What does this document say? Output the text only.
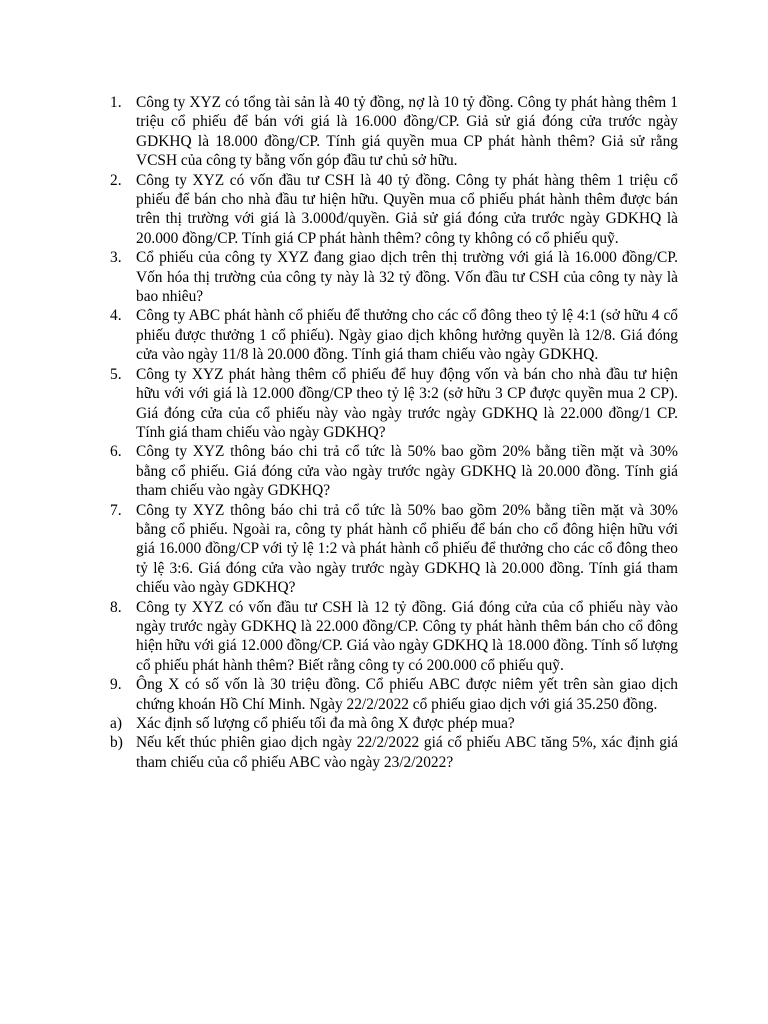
1. Công ty XYZ có tổng tài sản là 40 tỷ đồng, nợ là 10 tỷ đồng. Công ty phát hàng thêm 1 triệu cổ phiếu để bán với giá là 16.000 đồng/CP. Giả sử giá đóng cửa trước ngày GDKHQ là 18.000 đồng/CP. Tính giá quyền mua CP phát hành thêm? Giả sử rằng VCSH của công ty bằng vốn góp đầu tư chủ sở hữu.
2. Công ty XYZ có vốn đầu tư CSH là 40 tỷ đồng. Công ty phát hàng thêm 1 triệu cổ phiếu để bán cho nhà đầu tư hiện hữu. Quyền mua cổ phiếu phát hành thêm được bán trên thị trường với giá là 3.000đ/quyền. Giả sử giá đóng cửa trước ngày GDKHQ là 20.000 đồng/CP. Tính giá CP phát hành thêm? công ty không có cổ phiếu quỹ.
3. Cổ phiếu của công ty XYZ đang giao dịch trên thị trường với giá là 16.000 đồng/CP. Vốn hóa thị trường của công ty này là 32 tỷ đồng. Vốn đầu tư CSH của công ty này là bao nhiêu?
4. Công ty ABC phát hành cổ phiếu để thưởng cho các cổ đông theo tỷ lệ 4:1 (sở hữu 4 cổ phiếu được thưởng 1 cổ phiếu). Ngày giao dịch không hưởng quyền là 12/8. Giá đóng cửa vào ngày 11/8 là 20.000 đồng. Tính giá tham chiếu vào ngày GDKHQ.
5. Công ty XYZ phát hàng thêm cổ phiếu để huy động vốn và bán cho nhà đầu tư hiện hữu với với giá là 12.000 đồng/CP theo tỷ lệ 3:2 (sở hữu 3 CP được quyền mua 2 CP). Giá đóng cửa của cổ phiếu này vào ngày trước ngày GDKHQ là 22.000 đồng/1 CP. Tính giá tham chiếu vào ngày GDKHQ?
6. Công ty XYZ thông báo chi trả cổ tức là 50% bao gồm 20% bằng tiền mặt và 30% bằng cổ phiếu. Giá đóng cửa vào ngày trước ngày GDKHQ là 20.000 đồng. Tính giá tham chiếu vào ngày GDKHQ?
7. Công ty XYZ thông báo chi trả cổ tức là 50% bao gồm 20% bằng tiền mặt và 30% bằng cổ phiếu. Ngoài ra, công ty phát hành cổ phiếu để bán cho cổ đông hiện hữu với giá 16.000 đồng/CP với tỷ lệ 1:2 và phát hành cổ phiếu để thưởng cho các cổ đông theo tỷ lệ 3:6. Giá đóng cửa vào ngày trước ngày GDKHQ là 20.000 đồng. Tính giá tham chiếu vào ngày GDKHQ?
8. Công ty XYZ có vốn đầu tư CSH là 12 tỷ đồng. Giá đóng cửa của cổ phiếu này vào ngày trước ngày GDKHQ là 22.000 đồng/CP. Công ty phát hành thêm bán cho cổ đông hiện hữu với giá 12.000 đồng/CP. Giá vào ngày GDKHQ là 18.000 đồng. Tính số lượng cổ phiếu phát hành thêm? Biết rằng công ty có 200.000 cổ phiếu quỹ.
9. Ông X có số vốn là 30 triệu đồng. Cổ phiếu ABC được niêm yết trên sàn giao dịch chứng khoán Hồ Chí Minh. Ngày 22/2/2022 cổ phiếu giao dịch với giá 35.250 đồng.
a) Xác định số lượng cổ phiếu tối đa mà ông X được phép mua?
b) Nếu kết thúc phiên giao dịch ngày 22/2/2022 giá cổ phiếu ABC tăng 5%, xác định giá tham chiếu của cổ phiếu ABC vào ngày 23/2/2022?
